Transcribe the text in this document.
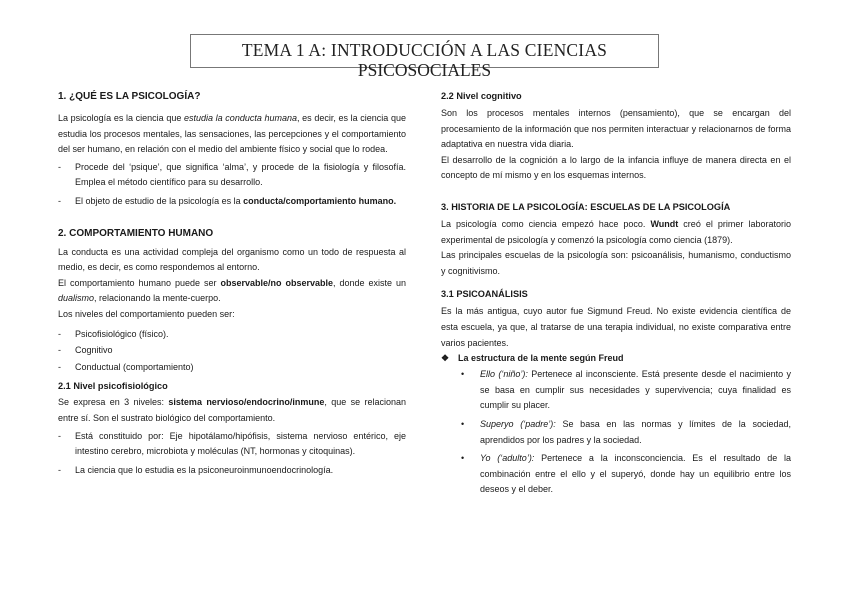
TEMA 1 A: INTRODUCCIÓN A LAS CIENCIAS
PSICOSOCIALES
1. ¿QUÉ ES LA PSICOLOGÍA?

La psicología es la ciencia que estudia la conducta humana, es decir, es la ciencia que estudia los procesos mentales, las sensaciones, las percepciones y el comportamiento del ser humano, en relación con el medio del ambiente físico y social que lo rodea.

- Procede del ‘psique’, que significa ‘alma’, y procede de la fisiología y filosofía. Emplea el método científico para su desarrollo.
- El objeto de estudio de la psicología es la conducta/comportamiento humano.
2. COMPORTAMIENTO HUMANO

La conducta es una actividad compleja del organismo como un todo de respuesta al medio, es decir, es como respondemos al entorno.

El comportamiento humano puede ser observable/no observable, donde existe un dualismo, relacionando la mente-cuerpo.

Los niveles del comportamiento pueden ser:

- Psicofisiológico (físico).
- Cognitivo
- Conductual (comportamiento)
2.1 Nivel psicofisiológico

Se expresa en 3 niveles: sistema nervioso/endocrino/inmune, que se relacionan entre sí. Son el sustrato biológico del comportamiento.

- Está constituido por: Eje hipotálamo/hipófisis, sistema nervioso entérico, eje intestino cerebro, microbiota y moléculas (NT, hormonas y citoquinas).
- La ciencia que lo estudia es la psiconeuroinmunoendocrinología.
2.2 Nivel cognitivo

Son los procesos mentales internos (pensamiento), que se encargan del procesamiento de la información que nos permiten interactuar y relacionarnos de forma adaptativa en nuestra vida diaria.

El desarrollo de la cognición a lo largo de la infancia influye de manera directa en el concepto de mí mismo y en los esquemas internos.

3. HISTORIA DE LA PSICOLOGÍA: ESCUELAS DE LA PSICOLOGÍA

La psicología como ciencia empezó hace poco. Wundt creó el primer laboratorio experimental de psicología y comenzó la psicología como ciencia (1879).

Las principales escuelas de la psicología son: psicoanálisis, humanismo, conductismo y cognitivismo.

3.1 PSICOANÁLISIS

Es la más antigua, cuyo autor fue Sigmund Freud. No existe evidencia científica de esta escuela, ya que, al tratarse de una terapia individual, no existe comparativa entre varios pacientes.

❖ La estructura de la mente según Freud
• Ello (‘niño’): Pertenece al inconsciente. Está presente desde el nacimiento y se basa en cumplir sus necesidades y supervivencia; cuya finalidad es cumplir su placer.
• Superyo (‘padre’): Se basa en las normas y límites de la sociedad, aprendidos por los padres y la sociedad.
• Yo (‘adulto’): Pertenece a la inconsconciencia. Es el resultado de la combinación entre el ello y el superyó, donde hay un equilibrio entre los deseos y el deber.
